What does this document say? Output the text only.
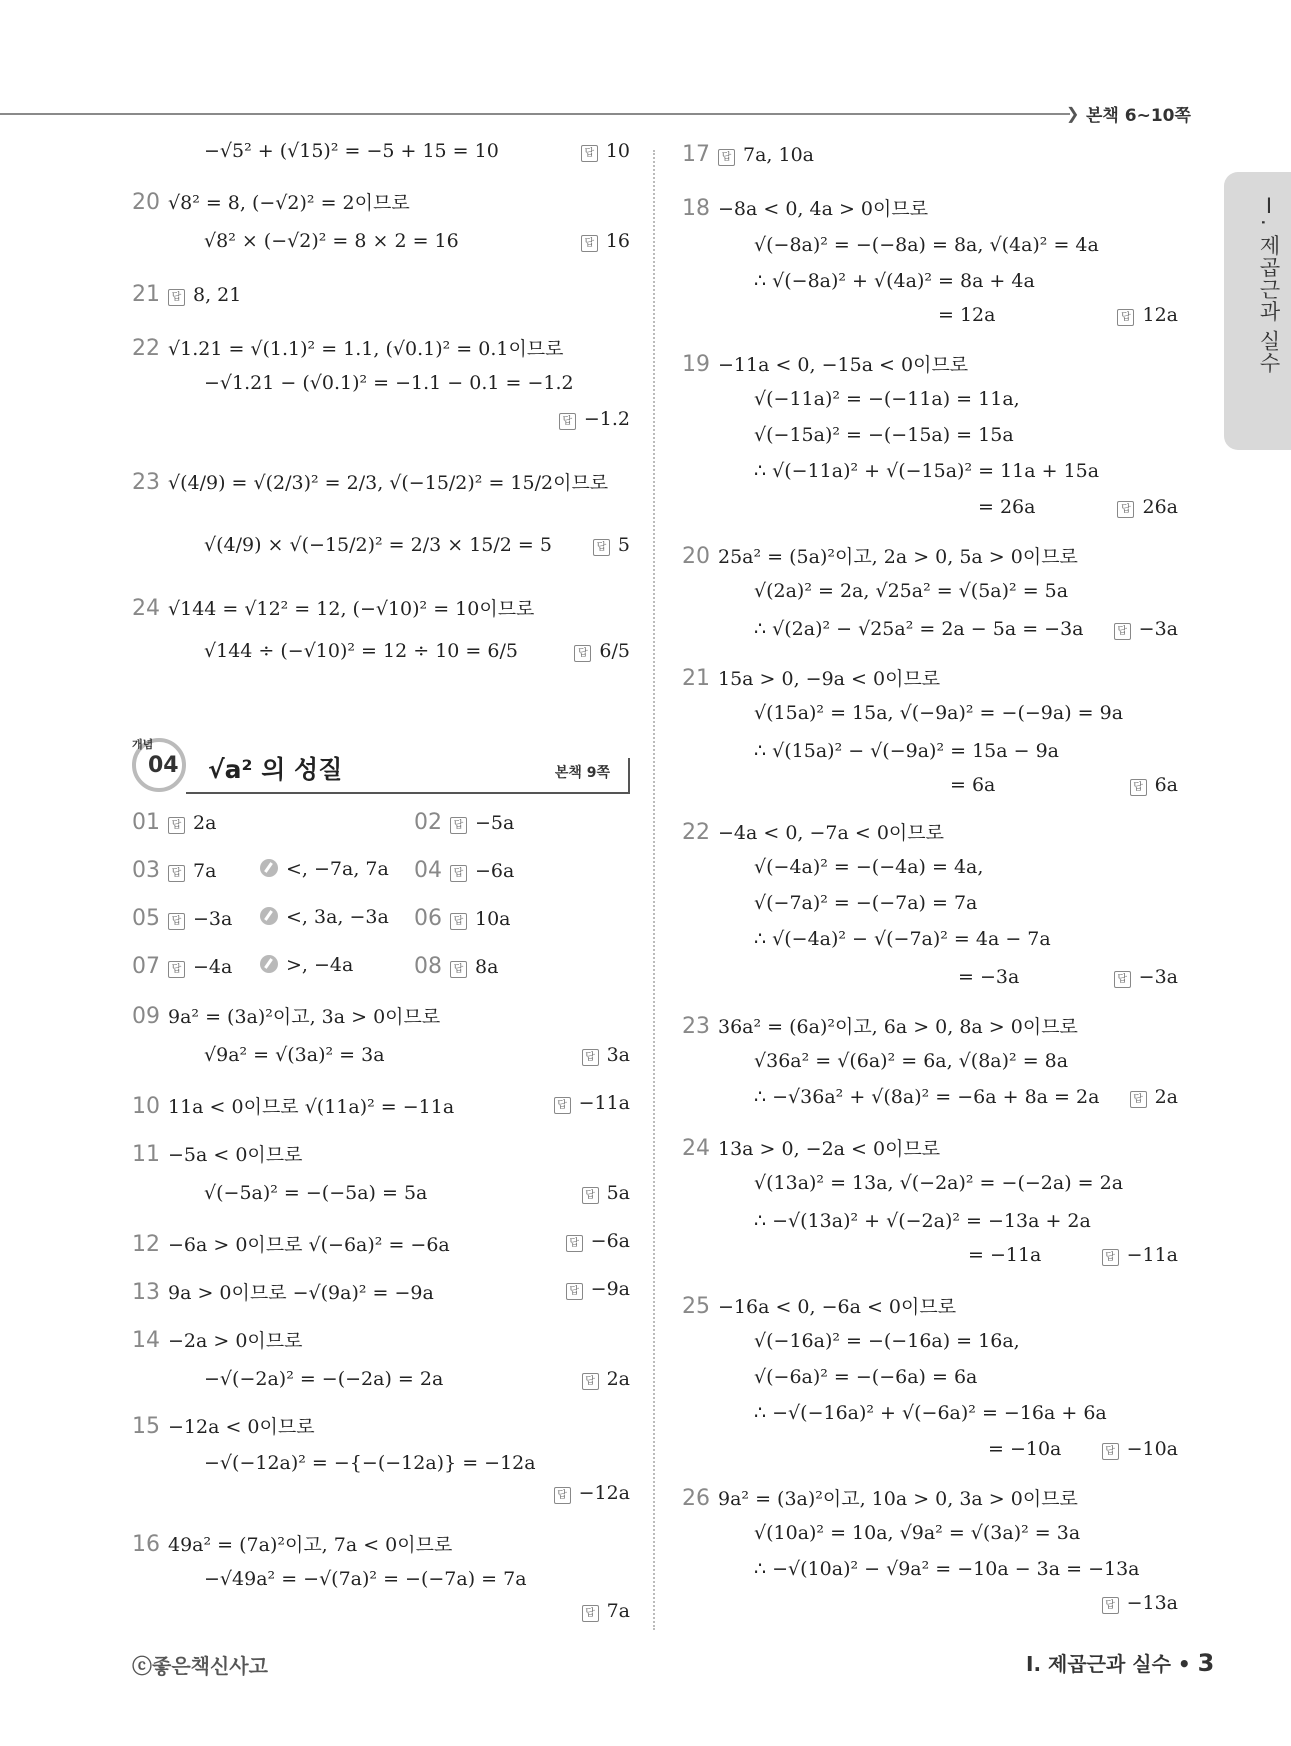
❯ 본책 6~10쪽
Ⅰ. 제곱근과 실수
−√5² + (√15)² = −5 + 15 = 10
20 √8² = 8, (−√2)² = 2이므로
√8² × (−√2)² = 8 × 2 = 16
21 답 8, 21
22 √1.21 = √(1.1)² = 1.1, (√0.1)² = 0.1이므로
−√1.21 − (√0.1)² = −1.1 − 0.1 = −1.2
23 √(4/9) = √(2/3)² = 2/3, √(−15/2)² = 15/2이므로
√(4/9) × √(−15/2)² = 2/3 × 15/2 = 5
24 √144 = √12² = 12, (−√10)² = 10이므로
√144 ÷ (−√10)² = 12 ÷ 10 = 6/5
01 답 2a	02 답 −5a
03 답 7a	<, −7a, 7a 04 답 −6a
05 답 −3a	<, 3a, −3a 06 답 10a
07 답 −4a	>, −4a	08 답 8a
09 9a² = (3a)²이고, 3a > 0이므로
√9a² = √(3a)² = 3a
10 11a < 0이므로 √(11a)² = −11a
11 −5a < 0이므로
√(−5a)² = −(−5a) = 5a
12 −6a > 0이므로 √(−6a)² = −6a
13 9a > 0이므로 −√(9a)² = −9a
14 −2a > 0이므로
−√(−2a)² = −(−2a) = 2a
15 −12a < 0이므로
−√(−12a)² = −{−(−12a)} = −12a
16 49a² = (7a)²이고, 7a < 0이므로
−√49a² = −√(7a)² = −(−7a) = 7a
답 10
답 16
답 −1.2
답 5
답 6/5
답 3a
답 −11a
답 5a
답 −6a
답 −9a
답 2a
답 −12a
답 7a
17 답 7a, 10a
18 −8a < 0, 4a > 0이므로
√(−8a)² = −(−8a) = 8a, √(4a)² = 4a
∴ √(−8a)² + √(4a)² = 8a + 4a
= 12a
19 −11a < 0, −15a < 0이므로
√(−11a)² = −(−11a) = 11a,
√(−15a)² = −(−15a) = 15a
∴ √(−11a)² + √(−15a)² = 11a + 15a
= 26a
20 25a² = (5a)²이고, 2a > 0, 5a > 0이므로
√(2a)² = 2a, √25a² = √(5a)² = 5a
∴ √(2a)² − √25a² = 2a − 5a = −3a
21 15a > 0, −9a < 0이므로
√(15a)² = 15a, √(−9a)² = −(−9a) = 9a
∴ √(15a)² − √(−9a)² = 15a − 9a
= 6a
22 −4a < 0, −7a < 0이므로
√(−4a)² = −(−4a) = 4a,
√(−7a)² = −(−7a) = 7a
∴ √(−4a)² − √(−7a)² = 4a − 7a
= −3a
23 36a² = (6a)²이고, 6a > 0, 8a > 0이므로
√36a² = √(6a)² = 6a, √(8a)² = 8a
∴ −√36a² + √(8a)² = −6a + 8a = 2a
24 13a > 0, −2a < 0이므로
√(13a)² = 13a, √(−2a)² = −(−2a) = 2a
∴ −√(13a)² + √(−2a)² = −13a + 2a
= −11a
25 −16a < 0, −6a < 0이므로
√(−16a)² = −(−16a) = 16a,
√(−6a)² = −(−6a) = 6a
∴ −√(−16a)² + √(−6a)² = −16a + 6a
= −10a
26 9a² = (3a)²이고, 10a > 0, 3a > 0이므로
√(10a)² = 10a, √9a² = √(3a)² = 3a
∴ −√(10a)² − √9a² = −10a − 3a = −13a
답 12a
답 26a
답 −3a
답 6a
답 −3a
답 2a
답 −11a
답 −10a
답 −13a
개념
04 √a² 의 성질	본책 9쪽
ⓒ좋은책신사고	Ⅰ. 제곱근과 실수 • 3
